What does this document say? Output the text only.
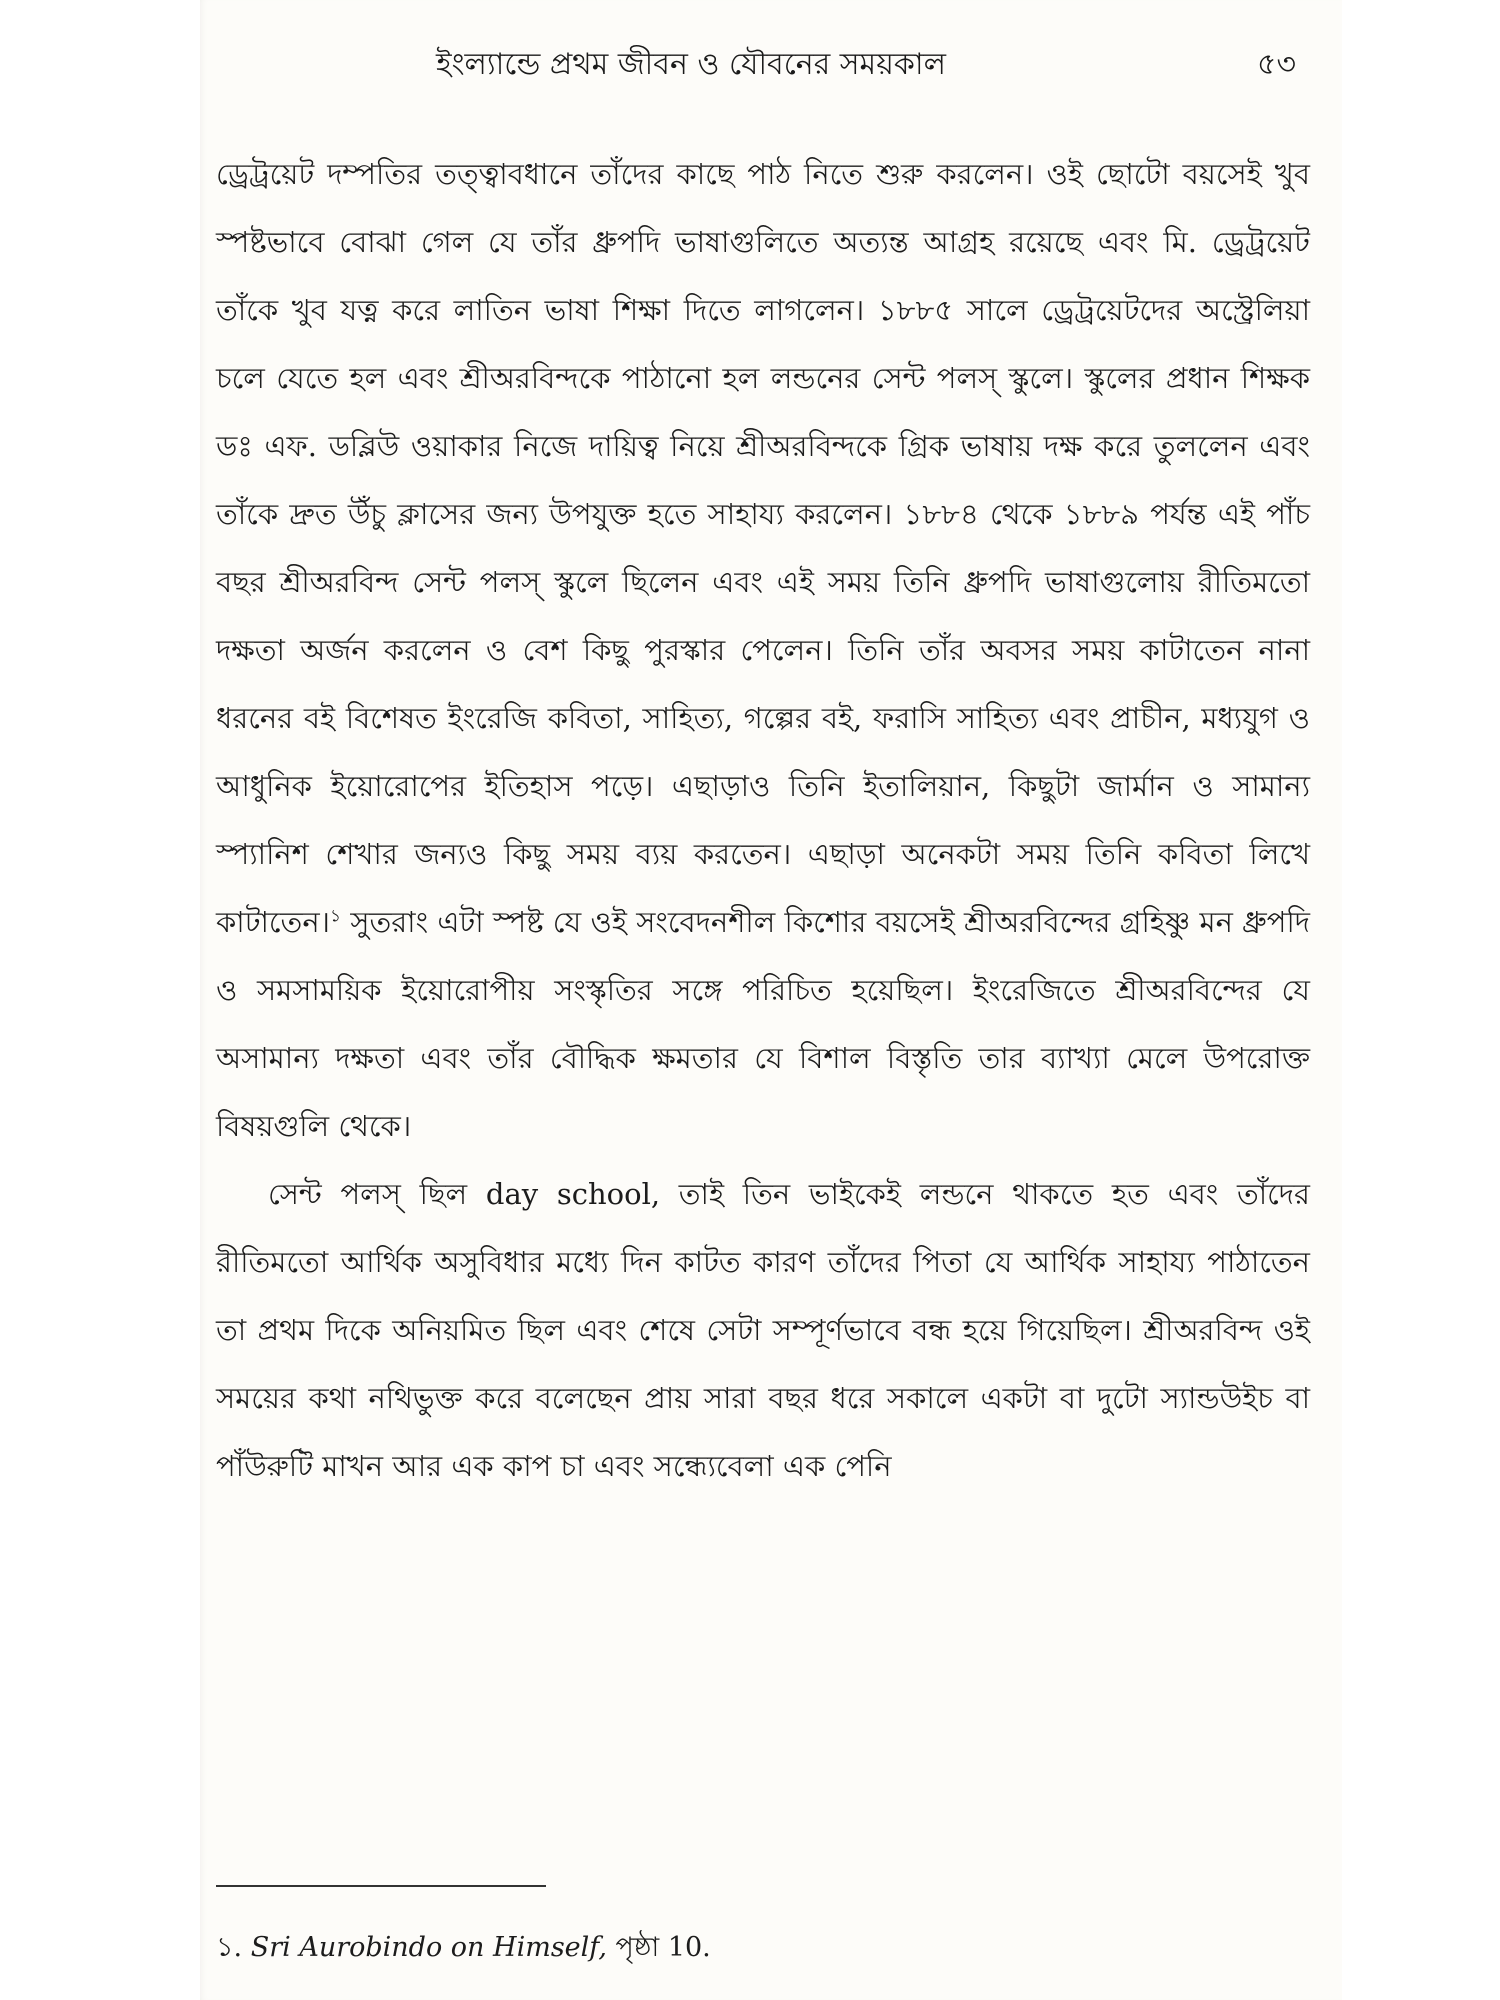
ইংল্যান্ডে প্রথম জীবন ও যৌবনের সময়কাল	৫৩

ড্রেট্রয়েট দম্পতির তত্ত্বাবধানে তাঁদের কাছে পাঠ নিতে শুরু করলেন। ওই ছোটো বয়সেই খুব স্পষ্টভাবে বোঝা গেল যে তাঁর ধ্রুপদি ভাষাগুলিতে অত্যন্ত আগ্রহ রয়েছে এবং মি. ড্রেট্রয়েট তাঁকে খুব যত্ন করে লাতিন ভাষা শিক্ষা দিতে লাগলেন। ১৮৮৫ সালে ড্রেট্রয়েটদের অস্ট্রেলিয়া চলে যেতে হল এবং শ্রীঅরবিন্দকে পাঠানো হল লন্ডনের সেন্ট পলস্ স্কুলে। স্কুলের প্রধান শিক্ষক ডঃ এফ. ডব্লিউ ওয়াকার নিজে দায়িত্ব নিয়ে শ্রীঅরবিন্দকে গ্রিক ভাষায় দক্ষ করে তুললেন এবং তাঁকে দ্রুত উঁচু ক্লাসের জন্য উপযুক্ত হতে সাহায্য করলেন। ১৮৮৪ থেকে ১৮৮৯ পর্যন্ত এই পাঁচ বছর শ্রীঅরবিন্দ সেন্ট পলস্ স্কুলে ছিলেন এবং এই সময় তিনি ধ্রুপদি ভাষাগুলোয় রীতিমতো দক্ষতা অর্জন করলেন ও বেশ কিছু পুরস্কার পেলেন। তিনি তাঁর অবসর সময় কাটাতেন নানা ধরনের বই বিশেষত ইংরেজি কবিতা, সাহিত্য, গল্পের বই, ফরাসি সাহিত্য এবং প্রাচীন, মধ্যযুগ ও আধুনিক ইয়োরোপের ইতিহাস পড়ে। এছাড়াও তিনি ইতালিয়ান, কিছুটা জার্মান ও সামান্য স্প্যানিশ শেখার জন্যও কিছু সময় ব্যয় করতেন। এছাড়া অনেকটা সময় তিনি কবিতা লিখে কাটাতেন।$^১$ সুতরাং এটা স্পষ্ট যে ওই সংবেদনশীল কিশোর বয়সেই শ্রীঅরবিন্দের গ্রহিষ্ণু মন ধ্রুপদি ও সমসাময়িক ইয়োরোপীয় সংস্কৃতির সঙ্গে পরিচিত হয়েছিল। ইংরেজিতে শ্রীঅরবিন্দের যে অসামান্য দক্ষতা এবং তাঁর বৌদ্ধিক ক্ষমতার যে বিশাল বিস্তৃতি তার ব্যাখ্যা মেলে উপরোক্ত বিষয়গুলি থেকে।

সেন্ট পলস্ ছিল day school, তাই তিন ভাইকেই লন্ডনে থাকতে হত এবং তাঁদের রীতিমতো আর্থিক অসুবিধার মধ্যে দিন কাটত কারণ তাঁদের পিতা যে আর্থিক সাহায্য পাঠাতেন তা প্রথম দিকে অনিয়মিত ছিল এবং শেষে সেটা সম্পূর্ণভাবে বন্ধ হয়ে গিয়েছিল। শ্রীঅরবিন্দ ওই সময়ের কথা নথিভুক্ত করে বলেছেন প্রায় সারা বছর ধরে সকালে একটা বা দুটো স্যান্ডউইচ বা পাঁউরুটি মাখন আর এক কাপ চা এবং সন্ধ্যেবেলা এক পেনি

১. Sri Aurobindo on Himself, পৃষ্ঠা 10.
